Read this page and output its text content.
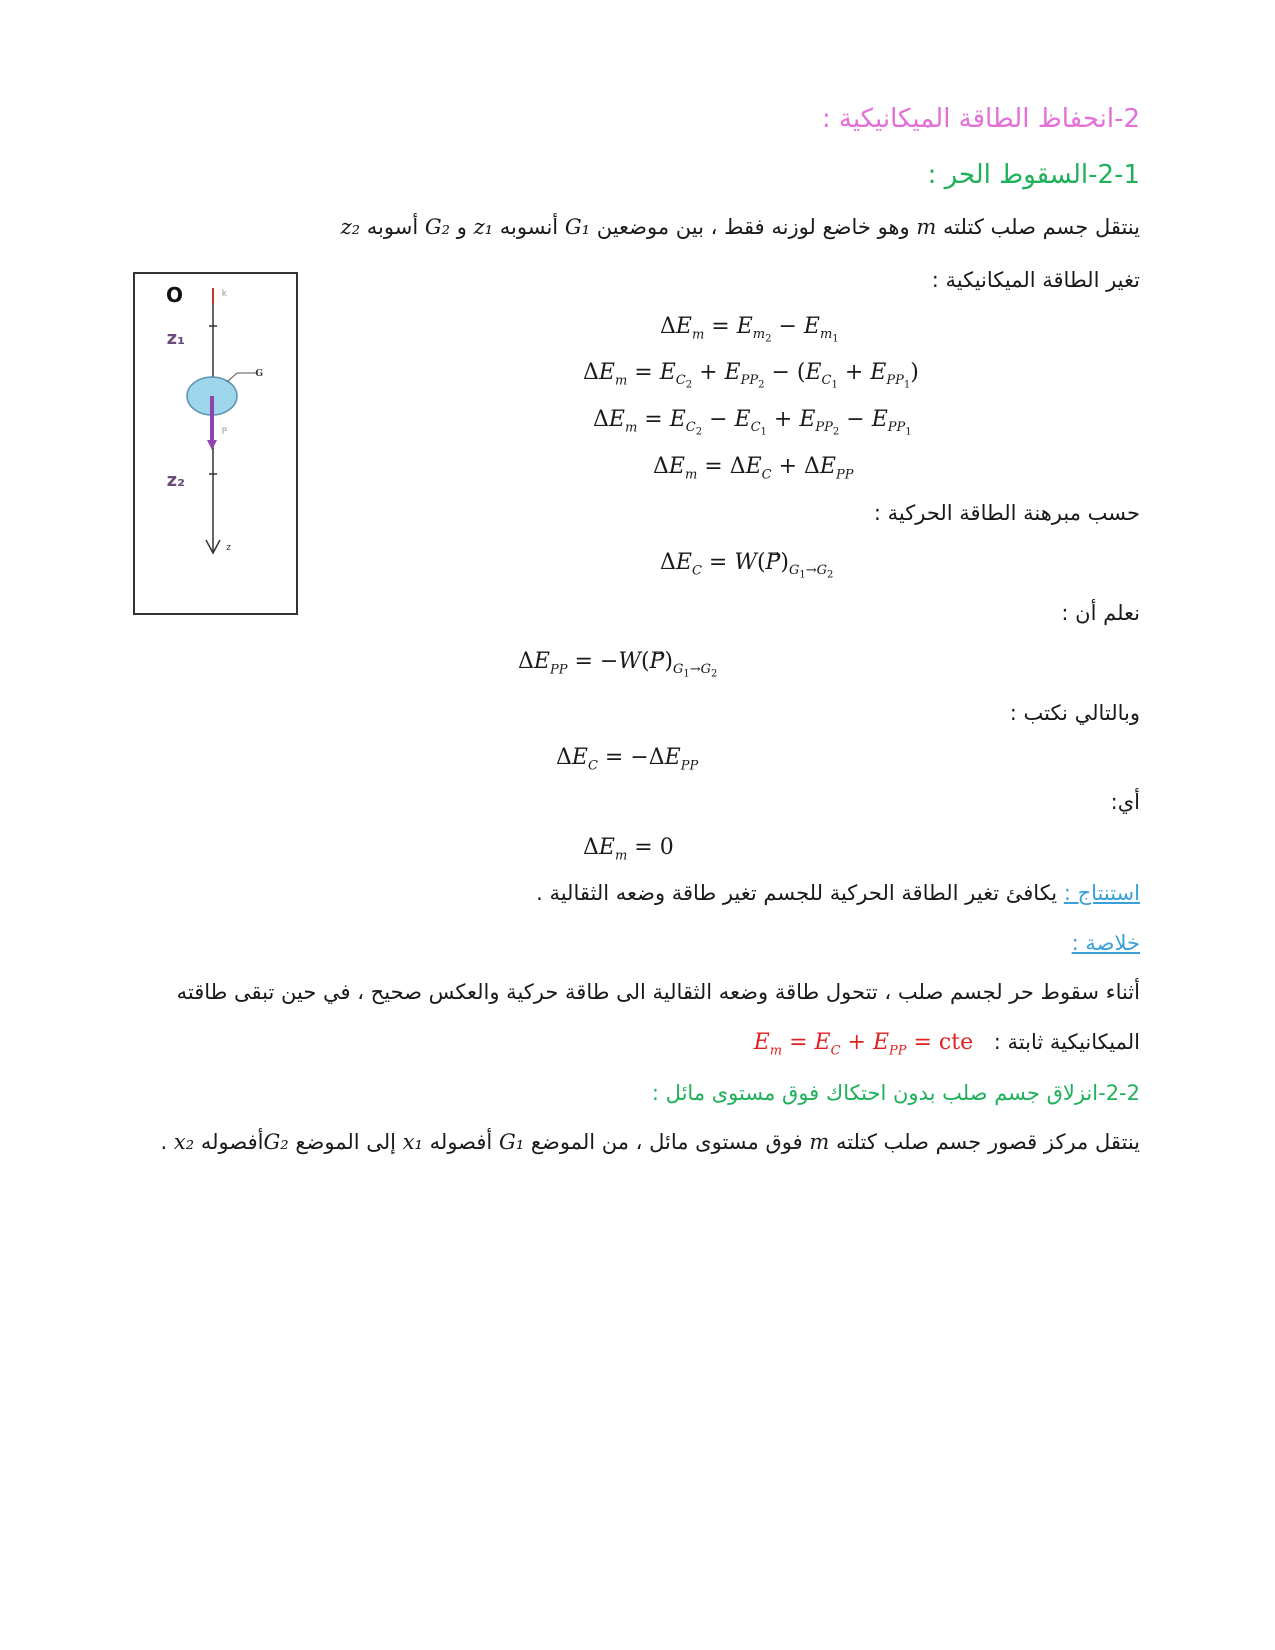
2-انحفاظ الطاقة الميكانيكية :
2-1-السقوط الحر :
ينتقل جسم صلب كتلته m وهو خاضع لوزنه فقط ، بين موضعين G₁ أنسوبه z₁ و G₂ أسوبه z₂
تغير الطاقة الميكانيكية :
O	k
z₁
G
P
z₂
z
$\Delta E_m = E_{m_2} - E_{m_1}$
$\Delta E_m = E_{C_2} + E_{PP_2} - (E_{C_1} + E_{PP_1})$
$\Delta E_m = E_{C_2} - E_{C_1} + E_{PP_2} - E_{PP_1}$
$\Delta E_m = \Delta E_C + \Delta E_{PP}$
حسب مبرهنة الطاقة الحركية :
$\Delta E_C$ = $W(P⃗)_{G_1\to G_2}$
نعلم أن :
$\Delta E_{PP}$ = $-W(P⃗)_{G_1\to G_2}$
وبالتالي نكتب :
$\Delta E_C = -\Delta E_{PP}$
أي:
$\Delta E_m = 0$
استنتاج : يكافئ تغير الطاقة الحركية للجسم تغير طاقة وضعه الثقالية .
خلاصة :
أثناء سقوط حر لجسم صلب ، تتحول طاقة وضعه الثقالية الى طاقة حركية والعكس صحيح ، في حين تبقى طاقته
الميكانيكية ثابتة : $E_m = E_C + E_{PP}$ = cte
2-2-انزلاق جسم صلب بدون احتكاك فوق مستوى مائل :
ينتقل مركز قصور جسم صلب كتلته m فوق مستوى مائل ، من الموضع G₁ أفصوله x₁ إلى الموضع G₂أفصوله x₂ .
